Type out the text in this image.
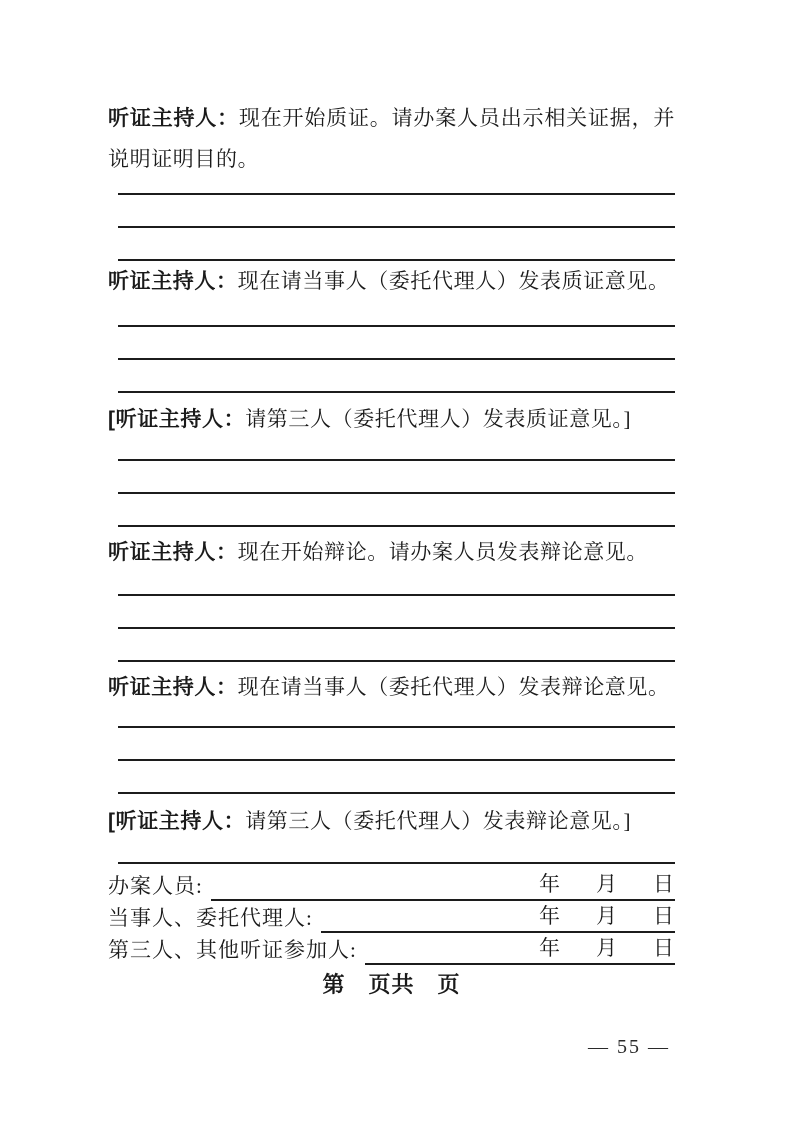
听证主持人：现在开始质证。请办案人员出示相关证据，并说明证明目的。
听证主持人：现在请当事人（委托代理人）发表质证意见。
[听证主持人：请第三人（委托代理人）发表质证意见。]
听证主持人：现在开始辩论。请办案人员发表辩论意见。
听证主持人：现在请当事人（委托代理人）发表辩论意见。
[听证主持人：请第三人（委托代理人）发表辩论意见。]
办案人员:	年 月 日
当事人、委托代理人:	年 月 日
第三人、其他听证参加人:	年 月 日
第　页共　页
— 55 —
